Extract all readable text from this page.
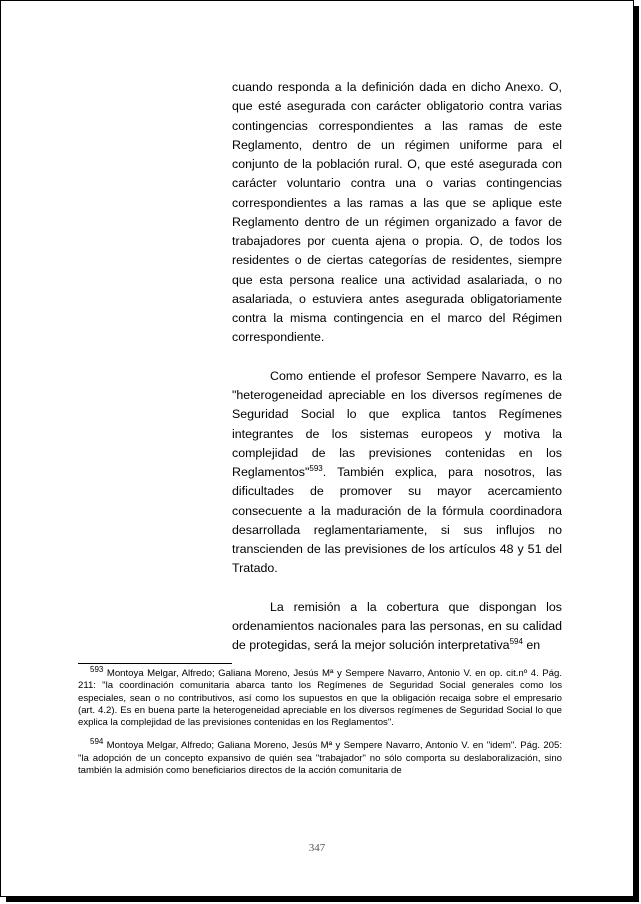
cuando responda a la definición dada en dicho Anexo. O, que esté asegurada con carácter obligatorio contra varias contingencias correspondientes a las ramas de este Reglamento, dentro de un régimen uniforme para el conjunto de la población rural. O, que esté asegurada con carácter voluntario contra una o varias contingencias correspondientes a las ramas a las que se aplique este Reglamento dentro de un régimen organizado a favor de trabajadores por cuenta ajena o propia. O, de todos los residentes o de ciertas categorías de residentes, siempre que esta persona realice una actividad asalariada, o no asalariada, o estuviera antes asegurada obligatoriamente contra la misma contingencia en el marco del Régimen correspondiente.

Como entiende el profesor Sempere Navarro, es la "heterogeneidad apreciable en los diversos regímenes de Seguridad Social lo que explica tantos Regímenes integrantes de los sistemas europeos y motiva la complejidad de las previsiones contenidas en los Reglamentos"$^{593}$. También explica, para nosotros, las dificultades de promover su mayor acercamiento consecuente a la maduración de la fórmula coordinadora desarrollada reglamentariamente, si sus influjos no transcienden de las previsiones de los artículos 48 y 51 del Tratado.

La remisión a la cobertura que dispongan los ordenamientos nacionales para las personas, en su calidad de protegidas, será la mejor solución interpretativa$^{594}$ en

$^{593}$ Montoya Melgar, Alfredo; Galiana Moreno, Jesús Mª y Sempere Navarro, Antonio V. en op. cit.nº 4. Pág. 211: "la coordinación comunitaria abarca tanto los Regímenes de Seguridad Social generales como los especiales, sean o no contributivos, así como los supuestos en que la obligación recaiga sobre el empresario (art. 4.2). Es en buena parte la heterogeneidad apreciable en los diversos regímenes de Seguridad Social lo que explica la complejidad de las previsiones contenidas en los Reglamentos".

$^{594}$ Montoya Melgar, Alfredo; Galiana Moreno, Jesús Mª y Sempere Navarro, Antonio V. en "idem". Pág. 205: "la adopción de un concepto expansivo de quién sea "trabajador" no sólo comporta su deslaboralización, sino también la admisión como beneficiarios directos de la acción comunitaria de

347
